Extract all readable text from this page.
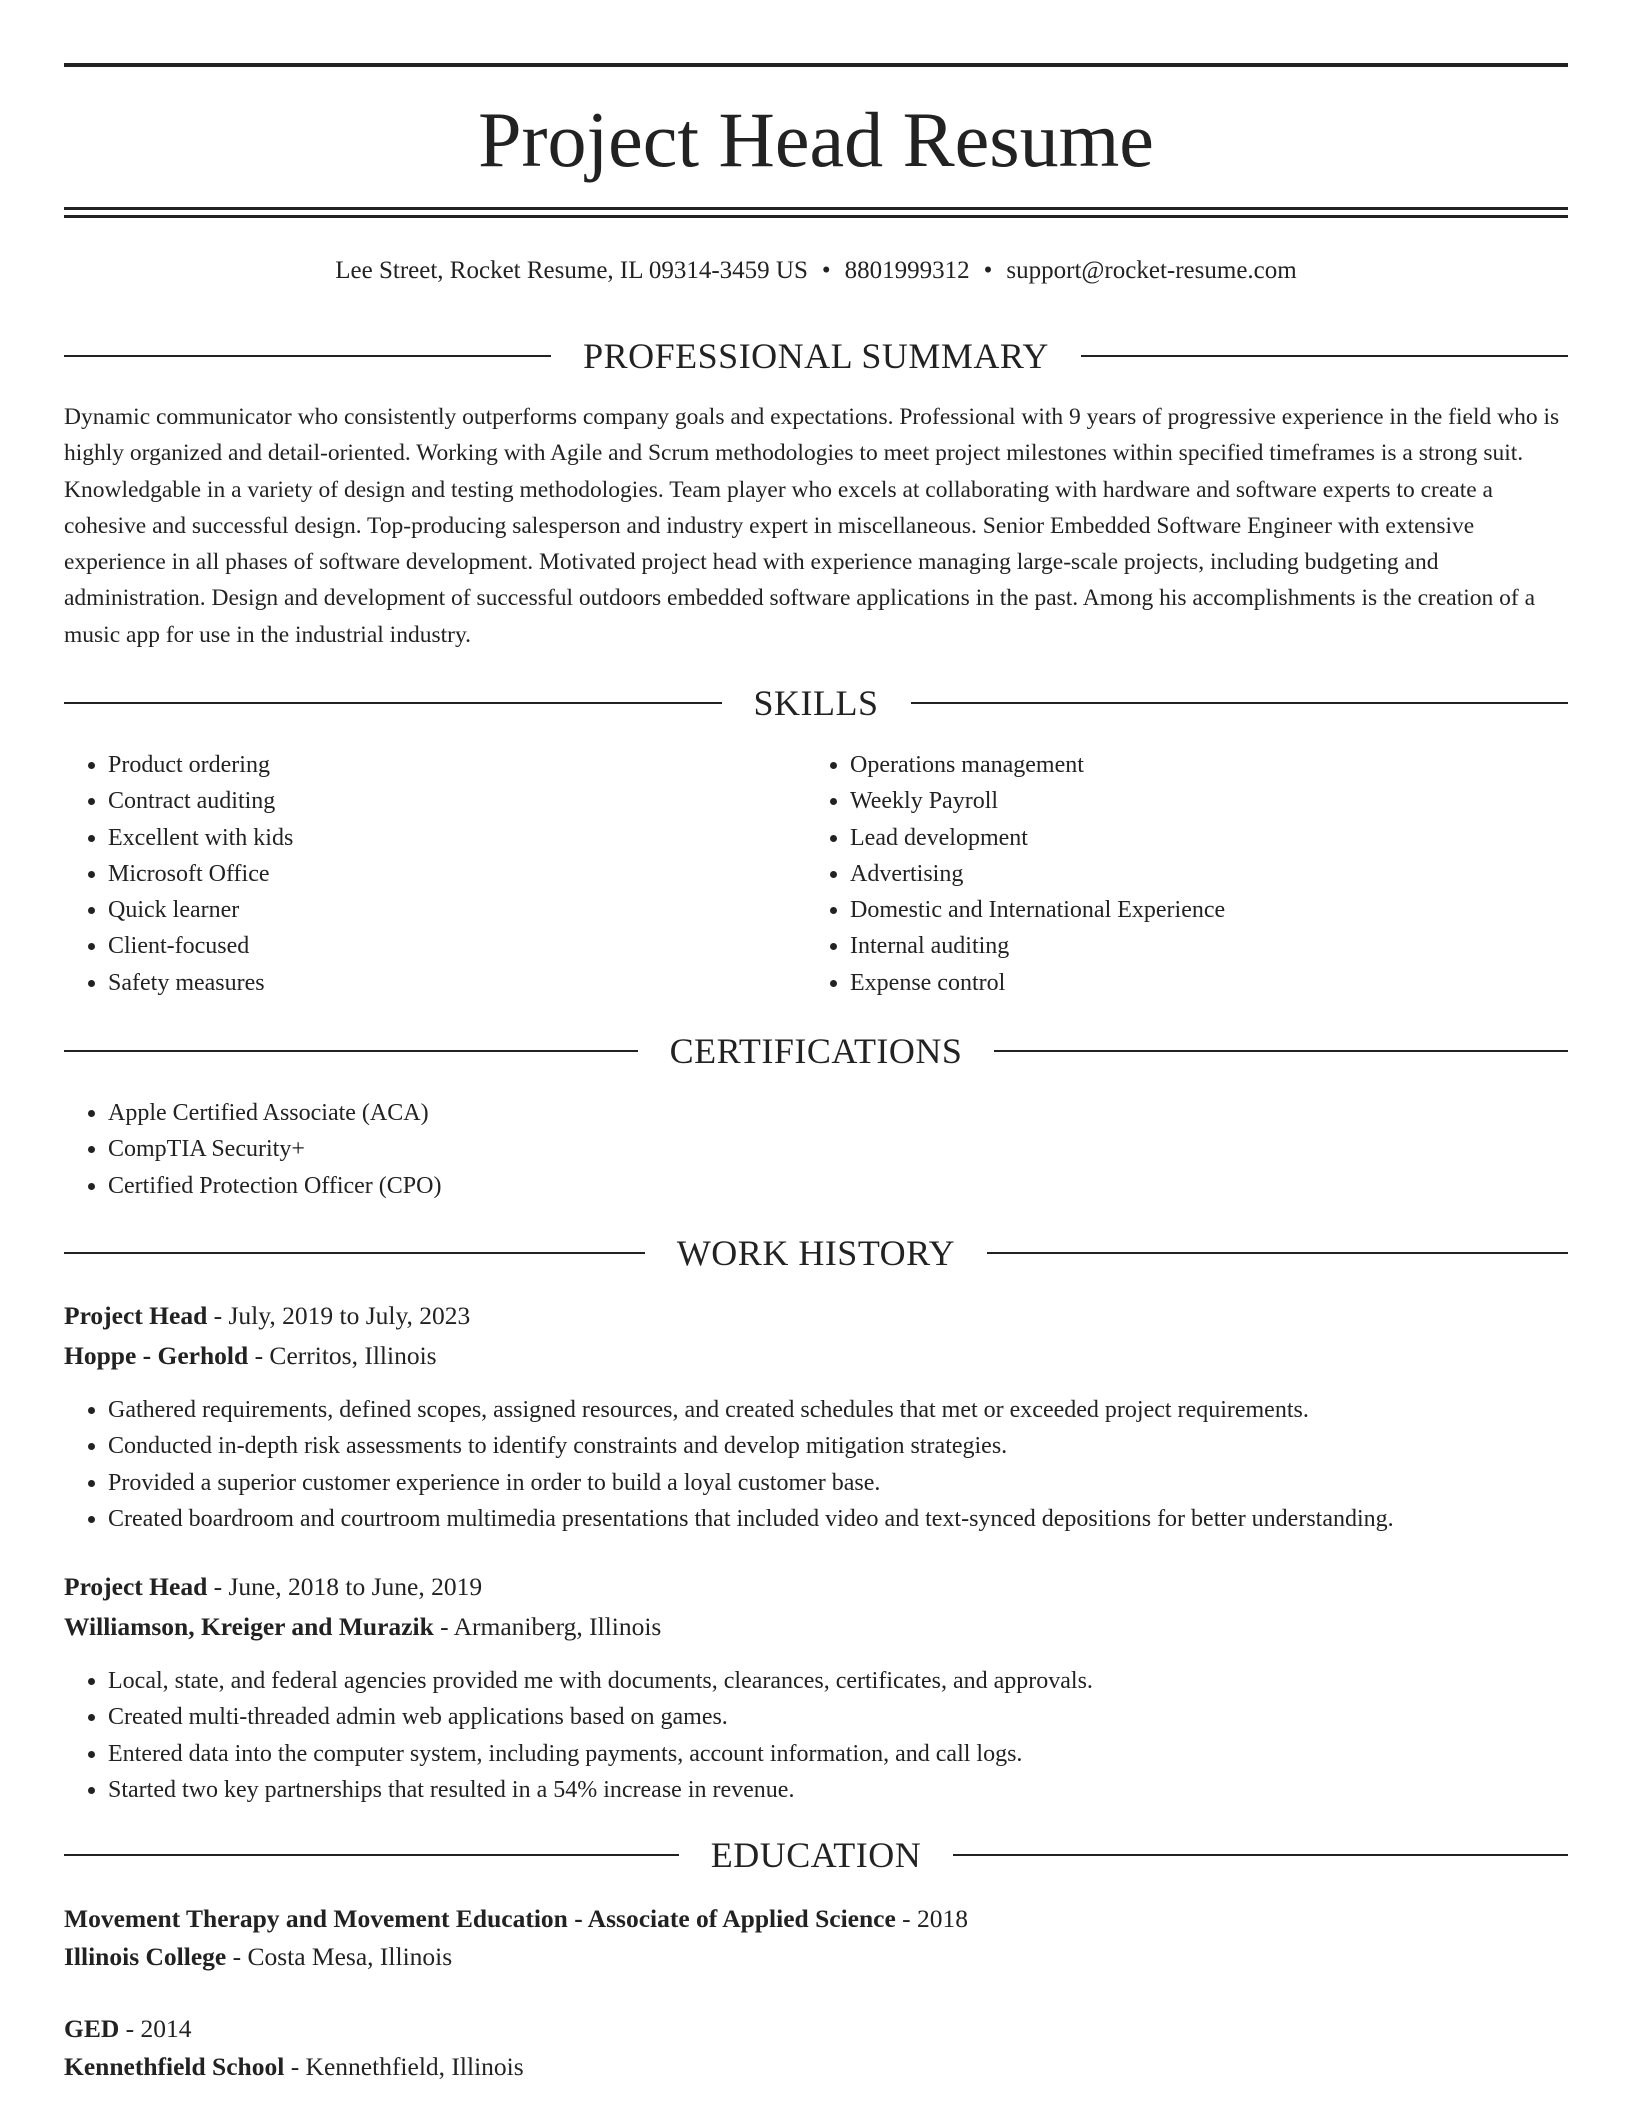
Project Head Resume
Lee Street, Rocket Resume, IL 09314-3459 US • 8801999312 • support@rocket-resume.com
PROFESSIONAL SUMMARY

Dynamic communicator who consistently outperforms company goals and expectations. Professional with 9 years of progressive experience in the field who is highly organized and detail-oriented. Working with Agile and Scrum methodologies to meet project milestones within specified timeframes is a strong suit. Knowledgable in a variety of design and testing methodologies. Team player who excels at collaborating with hardware and software experts to create a cohesive and successful design. Top-producing salesperson and industry expert in miscellaneous. Senior Embedded Software Engineer with extensive experience in all phases of software development. Motivated project head with experience managing large-scale projects, including budgeting and administration. Design and development of successful outdoors embedded software applications in the past. Among his accomplishments is the creation of a music app for use in the industrial industry.

SKILLS
• Product ordering
• Contract auditing
• Excellent with kids
• Microsoft Office
• Quick learner
• Client-focused
• Safety measures
• Operations management
• Weekly Payroll
• Lead development
• Advertising
• Domestic and International Experience
• Internal auditing
• Expense control
CERTIFICATIONS
• Apple Certified Associate (ACA)
• CompTIA Security+
• Certified Protection Officer (CPO)
WORK HISTORY
Project Head - July, 2019 to July, 2023
Hoppe - Gerhold - Cerritos, Illinois
• Gathered requirements, defined scopes, assigned resources, and created schedules that met or exceeded project requirements.
• Conducted in-depth risk assessments to identify constraints and develop mitigation strategies.
• Provided a superior customer experience in order to build a loyal customer base.
• Created boardroom and courtroom multimedia presentations that included video and text-synced depositions for better understanding.
Project Head - June, 2018 to June, 2019
Williamson, Kreiger and Murazik - Armaniberg, Illinois
• Local, state, and federal agencies provided me with documents, clearances, certificates, and approvals.
• Created multi-threaded admin web applications based on games.
• Entered data into the computer system, including payments, account information, and call logs.
• Started two key partnerships that resulted in a 54% increase in revenue.
EDUCATION
Movement Therapy and Movement Education - Associate of Applied Science - 2018
Illinois College - Costa Mesa, Illinois
GED - 2014
Kennethfield School - Kennethfield, Illinois
